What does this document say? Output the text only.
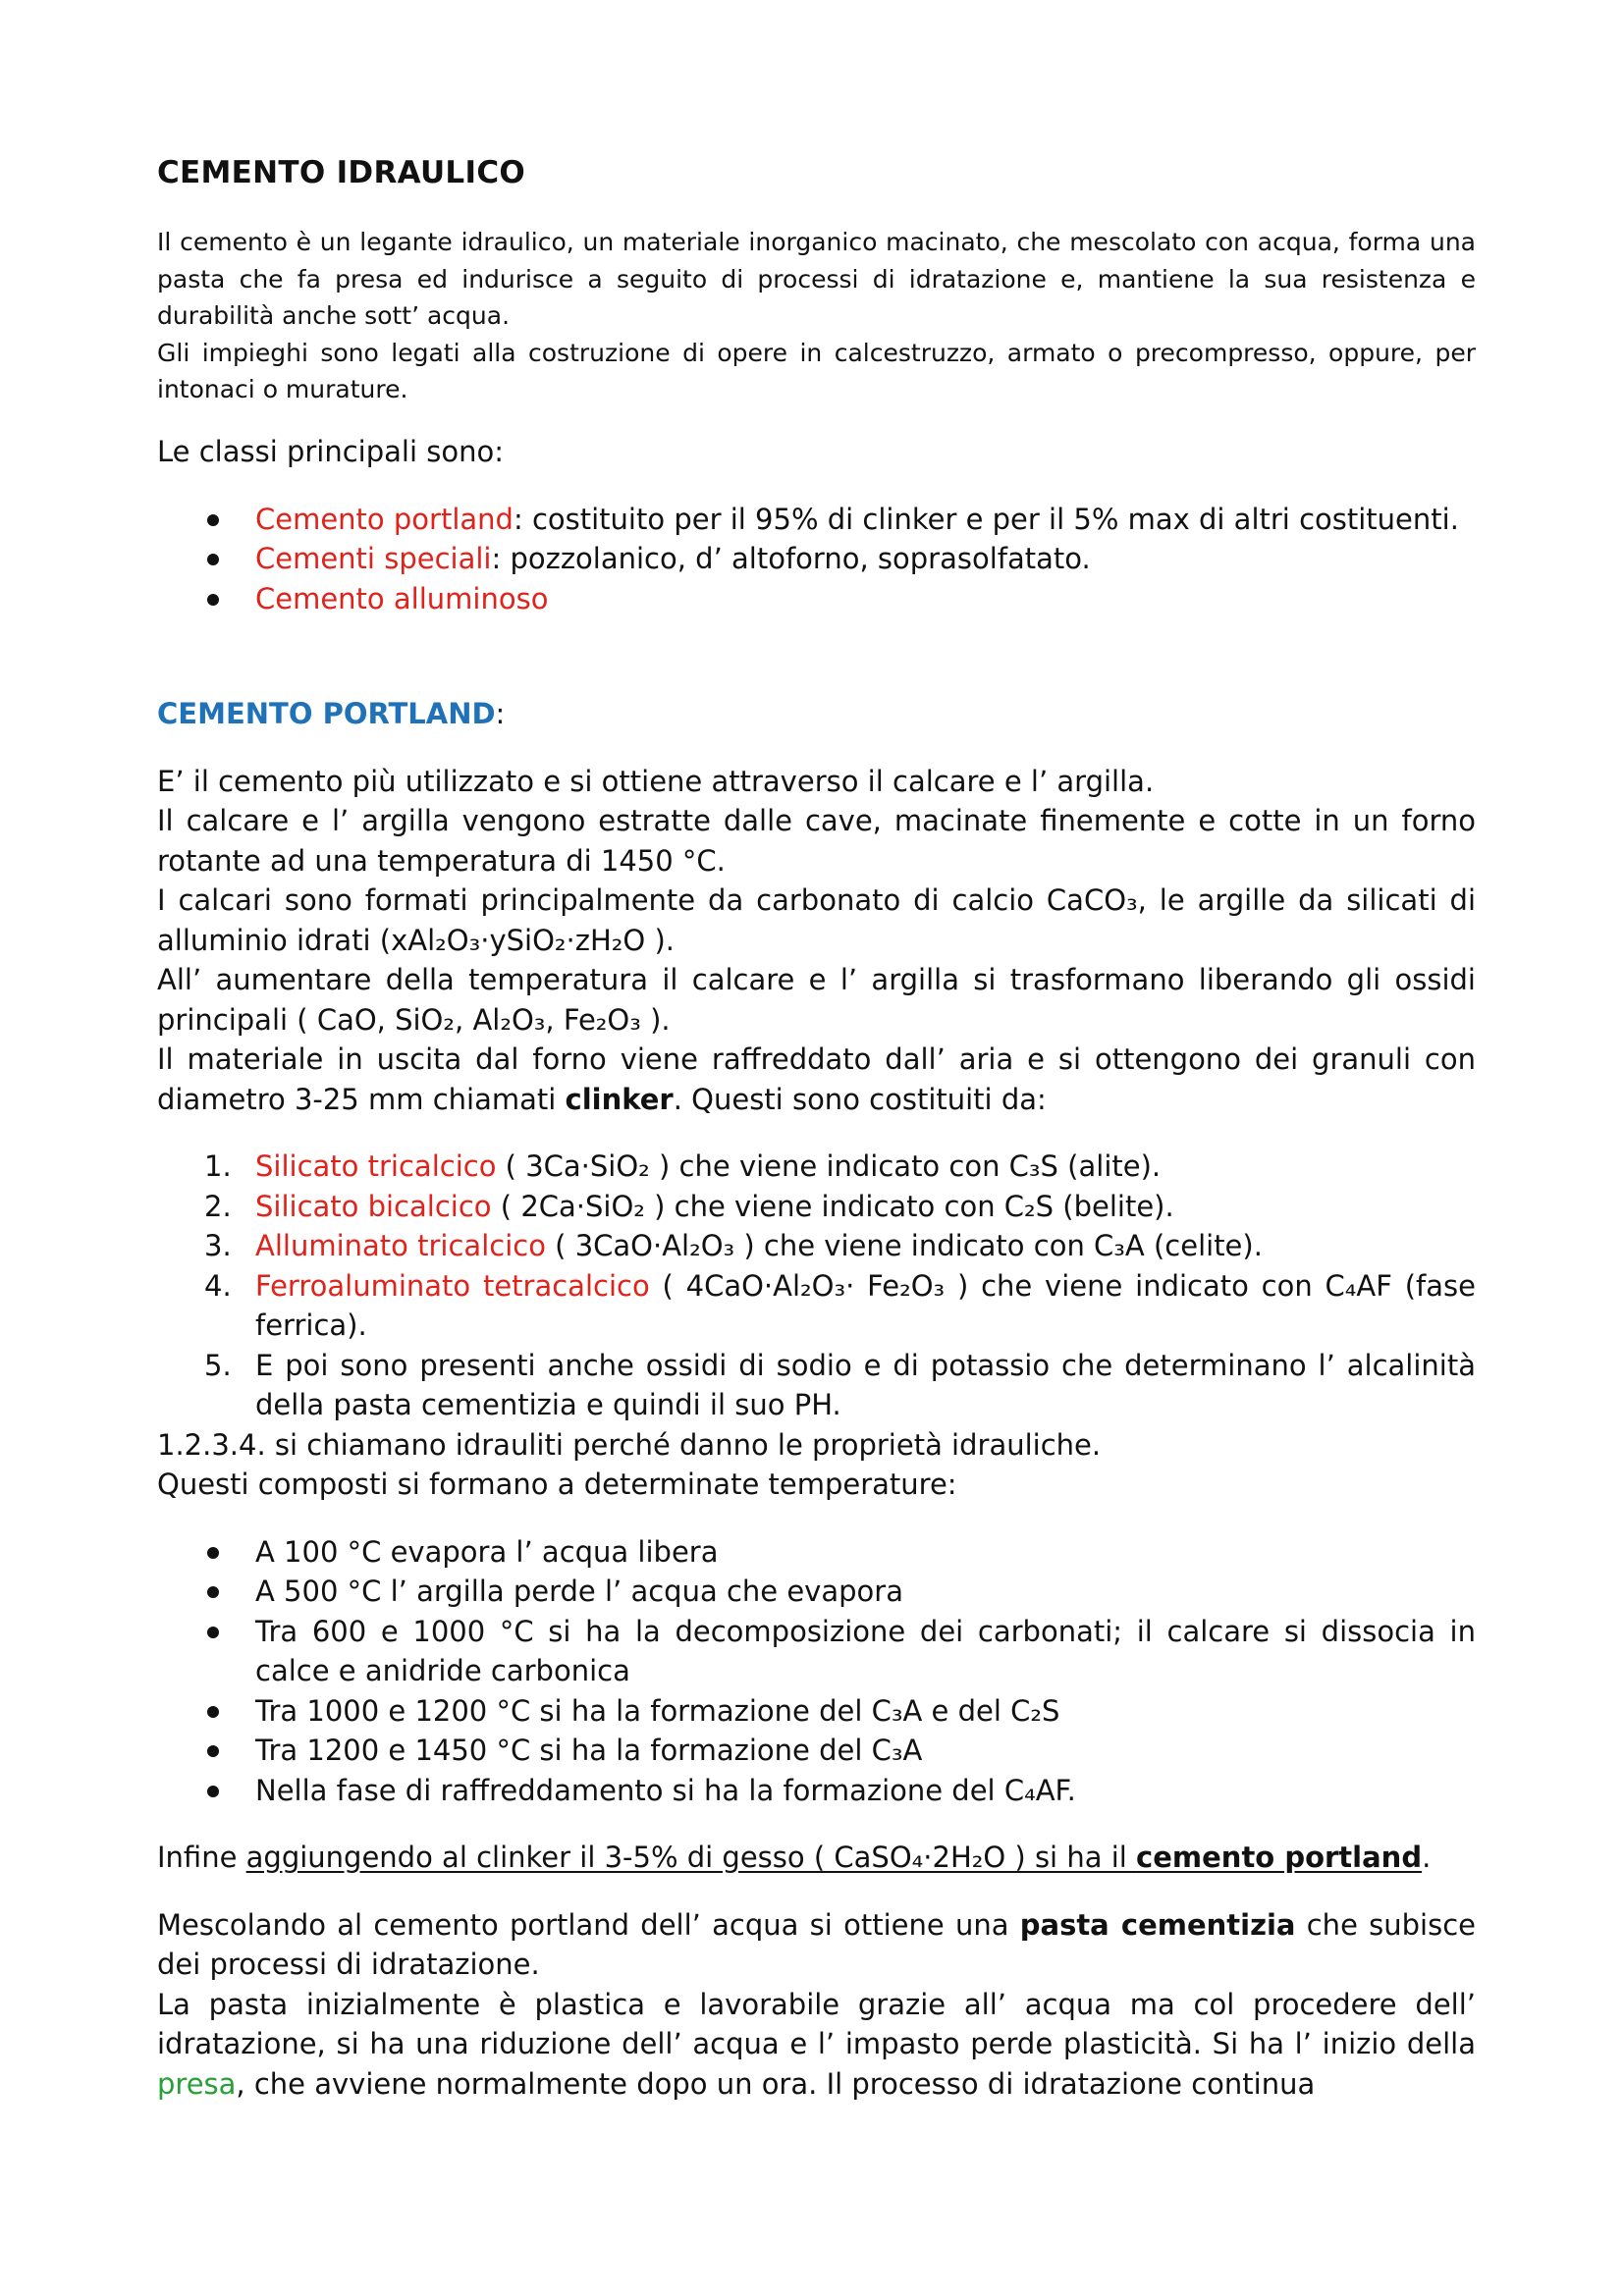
CEMENTO IDRAULICO

Il cemento è un legante idraulico, un materiale inorganico macinato, che mescolato con acqua, forma una pasta che fa presa ed indurisce a seguito di processi di idratazione e, mantiene la sua resistenza e durabilità anche sott’ acqua.

Gli impieghi sono legati alla costruzione di opere in calcestruzzo, armato o precompresso, oppure, per intonaci o murature.

Le classi principali sono:

Cemento portland: costituito per il 95% di clinker e per il 5% max di altri costituenti.
Cementi speciali: pozzolanico, d’ altoforno, soprasolfatato.
Cemento alluminoso

CEMENTO PORTLAND:

E’ il cemento più utilizzato e si ottiene attraverso il calcare e l’ argilla.

Il calcare e l’ argilla vengono estratte dalle cave, macinate finemente e cotte in un forno rotante ad una temperatura di 1450 °C.

I calcari sono formati principalmente da carbonato di calcio CaCO₃, le argille da silicati di alluminio idrati (xAl₂O₃·ySiO₂·zH₂O ).

All’ aumentare della temperatura il calcare e l’ argilla si trasformano liberando gli ossidi principali ( CaO, SiO₂, Al₂O₃, Fe₂O₃ ).

Il materiale in uscita dal forno viene raffreddato dall’ aria e si ottengono dei granuli con diametro 3-25 mm chiamati clinker. Questi sono costituiti da:

1. Silicato tricalcico ( 3Ca·SiO₂ ) che viene indicato con C₃S (alite).
2. Silicato bicalcico ( 2Ca·SiO₂ ) che viene indicato con C₂S (belite).
3. Alluminato tricalcico ( 3CaO·Al₂O₃ ) che viene indicato con C₃A (celite).
4. Ferroaluminato tetracalcico ( 4CaO·Al₂O₃· Fe₂O₃ ) che viene indicato con C₄AF (fase ferrica).
5. E poi sono presenti anche ossidi di sodio e di potassio che determinano l’ alcalinità della pasta cementizia e quindi il suo PH.

1.2.3.4. si chiamano idrauliti perché danno le proprietà idrauliche.

Questi composti si formano a determinate temperature:

A 100 °C evapora l’ acqua libera
A 500 °C l’ argilla perde l’ acqua che evapora
Tra 600 e 1000 °C si ha la decomposizione dei carbonati; il calcare si dissocia in calce e anidride carbonica
Tra 1000 e 1200 °C si ha la formazione del C₃A e del C₂S
Tra 1200 e 1450 °C si ha la formazione del C₃A
Nella fase di raffreddamento si ha la formazione del C₄AF.

Infine aggiungendo al clinker il 3-5% di gesso ( CaSO₄·2H₂O ) si ha il cemento portland.

Mescolando al cemento portland dell’ acqua si ottiene una pasta cementizia che subisce dei processi di idratazione.

La pasta inizialmente è plastica e lavorabile grazie all’ acqua ma col procedere dell’ idratazione, si ha una riduzione dell’ acqua e l’ impasto perde plasticità. Si ha l’ inizio della presa, che avviene normalmente dopo un ora. Il processo di idratazione continua
